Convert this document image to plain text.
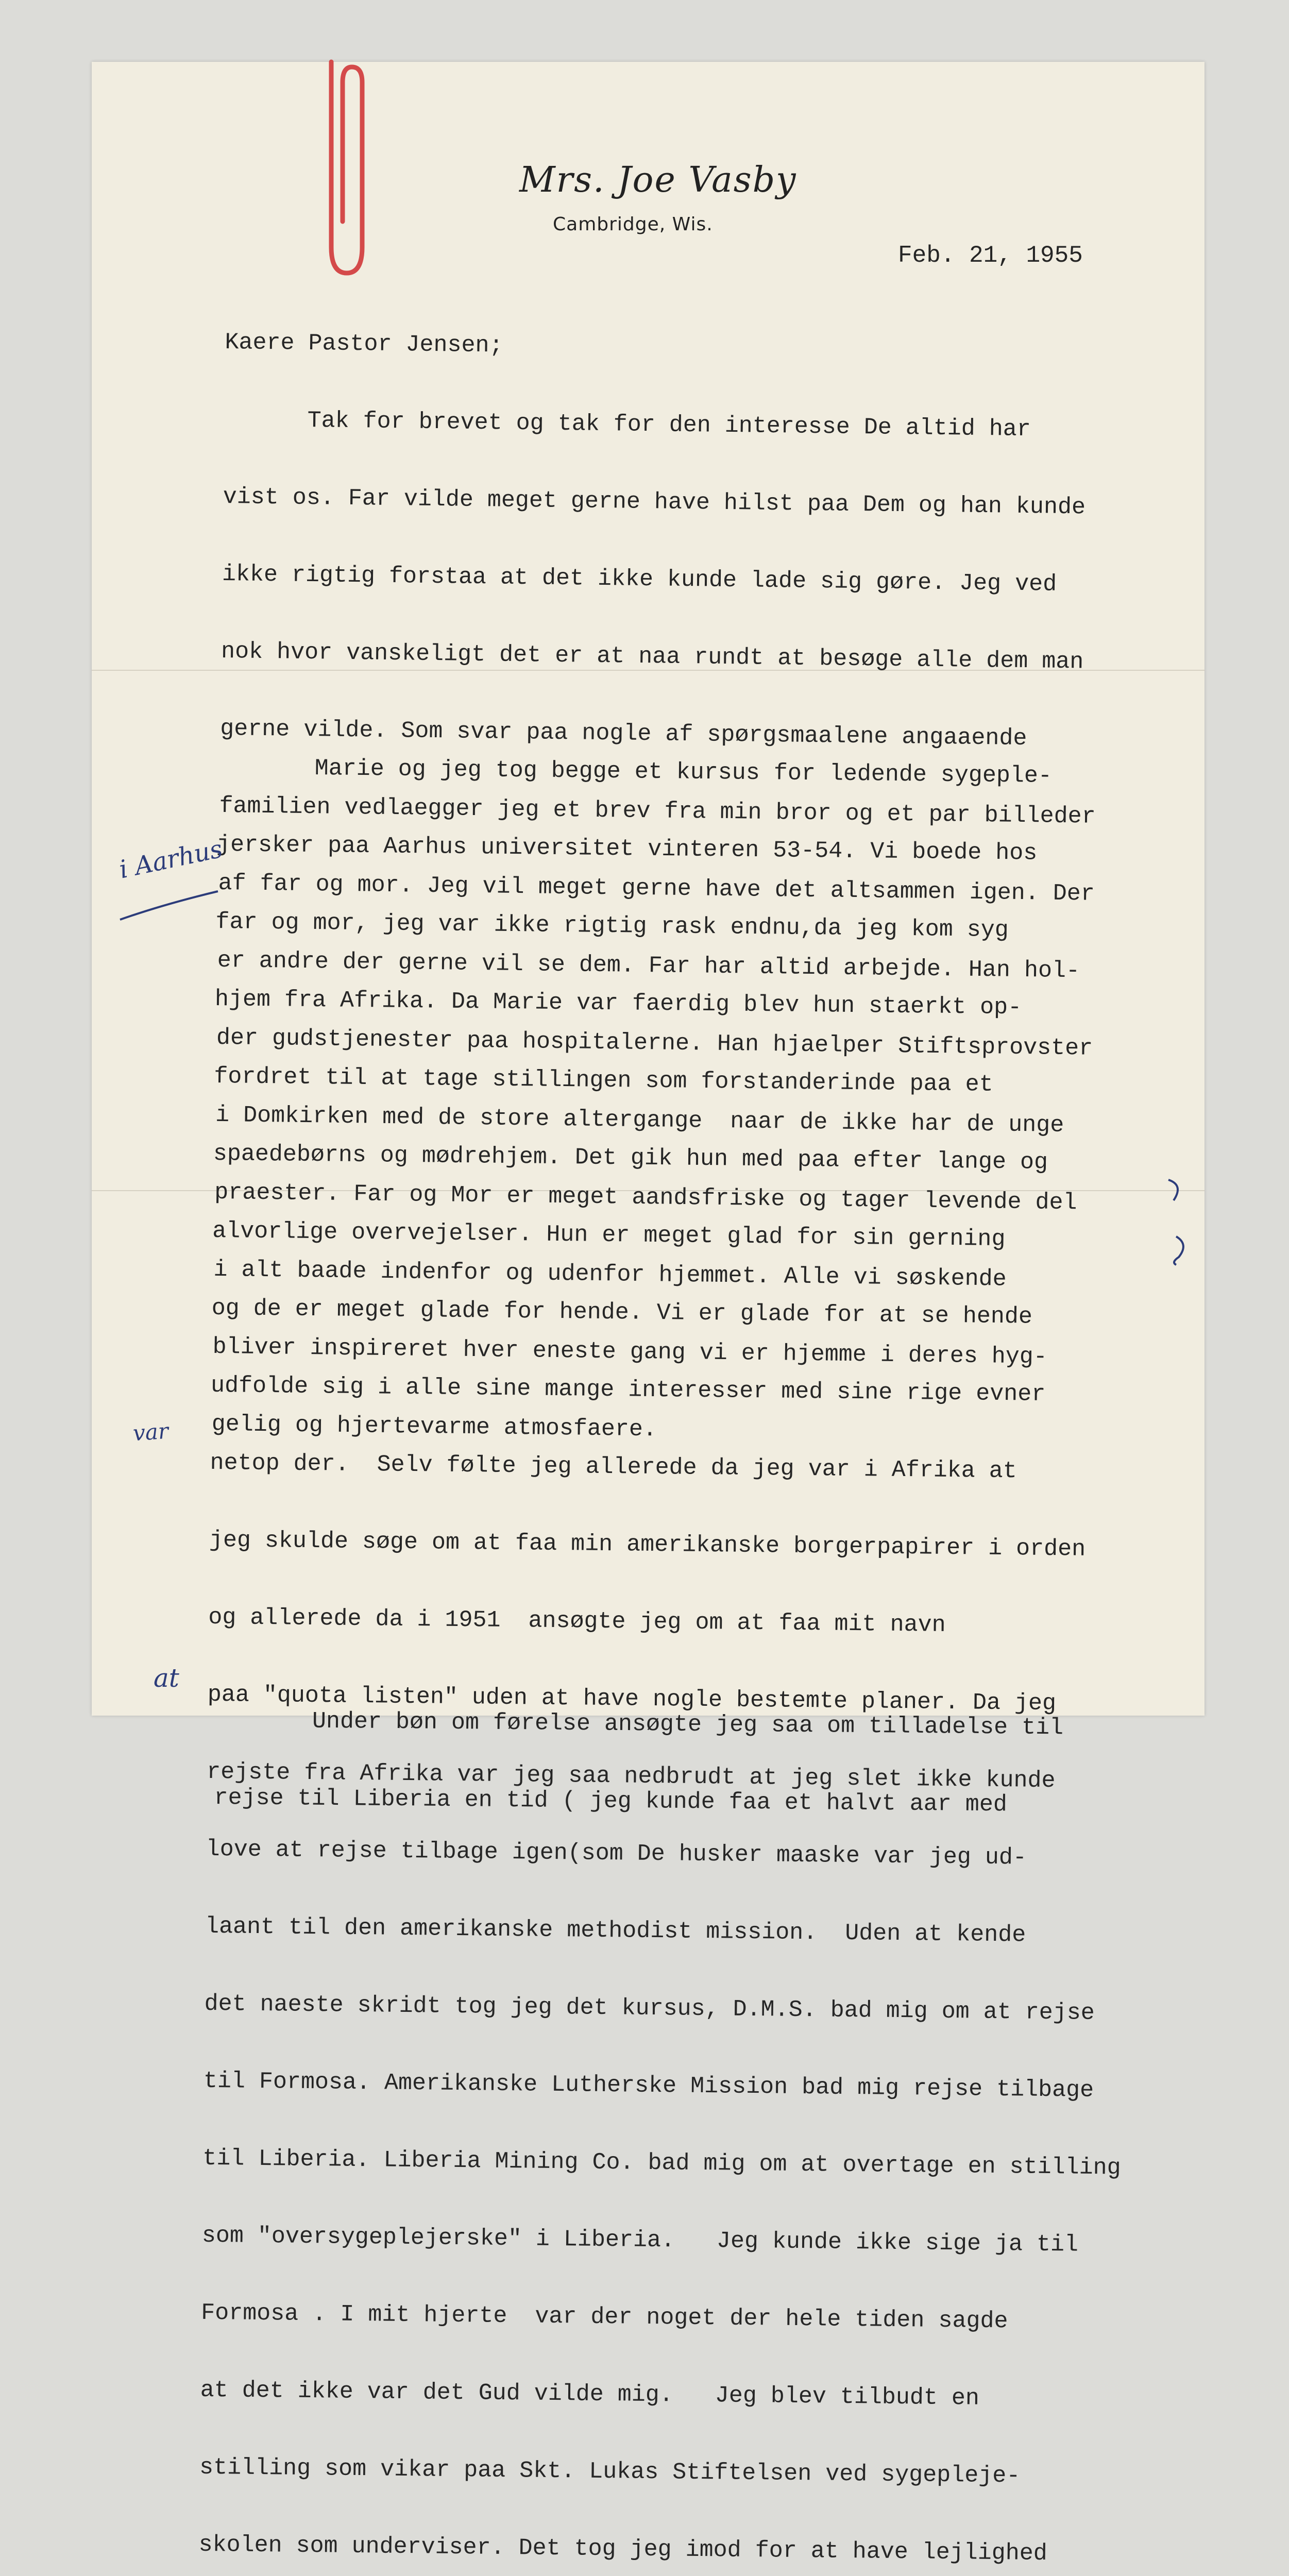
Mrs. Joe Vasby
Cambridge, Wis.
Feb. 21, 1955

Kaere Pastor Jensen;

Tak for brevet og tak for den interesse De altid har

vist os. Far vilde meget gerne have hilst paa Dem og han kunde

ikke rigtig forstaa at det ikke kunde lade sig gøre. Jeg ved

nok hvor vanskeligt det er at naa rundt at besøge alle dem man

gerne vilde. Som svar paa nogle af spørgsmaalene angaaende

familien vedlaegger jeg et brev fra min bror og et par billeder

af far og mor. Jeg vil meget gerne have det altsammen igen. Der

er andre der gerne vil se dem. Far har altid arbejde. Han hol-

der gudstjenester paa hospitalerne. Han hjaelper Stiftsprovster

i Domkirken med de store altergange  naar de ikke har de unge

praester. Far og Mor er meget aandsfriske og tager levende del

i alt baade indenfor og udenfor hjemmet. Alle vi søskende

bliver inspireret hver eneste gang vi er hjemme i deres hyg-

gelig og hjertevarme atmosfaere.

Marie og jeg tog begge et kursus for ledende sygeple-

jersker paa Aarhus universitet vinteren 53-54. Vi boede hos

far og mor, jeg var ikke rigtig rask endnu,da jeg kom syg

hjem fra Afrika. Da Marie var faerdig blev hun staerkt op-

fordret til at tage stillingen som forstanderinde paa et

spaedebørns og mødrehjem. Det gik hun med paa efter lange og

alvorlige overvejelser. Hun er meget glad for sin gerning

og de er meget glade for hende. Vi er glade for at se hende

udfolde sig i alle sine mange interesser med sine rige evner

netop der.  Selv følte jeg allerede da jeg var i Afrika at

jeg skulde søge om at faa min amerikanske borgerpapirer i orden

og allerede da i 1951  ansøgte jeg om at faa mit navn

paa "quota listen" uden at have nogle bestemte planer. Da jeg

rejste fra Afrika var jeg saa nedbrudt at jeg slet ikke kunde

love at rejse tilbage igen(som De husker maaske var jeg ud-

laant til den amerikanske methodist mission.  Uden at kende

det naeste skridt tog jeg det kursus, D.M.S. bad mig om at rejse

til Formosa. Amerikanske Lutherske Mission bad mig rejse tilbage

til Liberia. Liberia Mining Co. bad mig om at overtage en stilling

som "oversygeplejerske" i Liberia.   Jeg kunde ikke sige ja til

Formosa . I mit hjerte  var der noget der hele tiden sagde

at det ikke var det Gud vilde mig.   Jeg blev tilbudt en

stilling som vikar paa Skt. Lukas Stiftelsen ved sygepleje-

skolen som underviser. Det tog jeg imod for at have lejlighed

Under bøn om førelse ansøgte jeg saa om tilladelse til

rejse til Liberia en tid ( jeg kunde faa et halvt aar med

i Aarhus
var
at
